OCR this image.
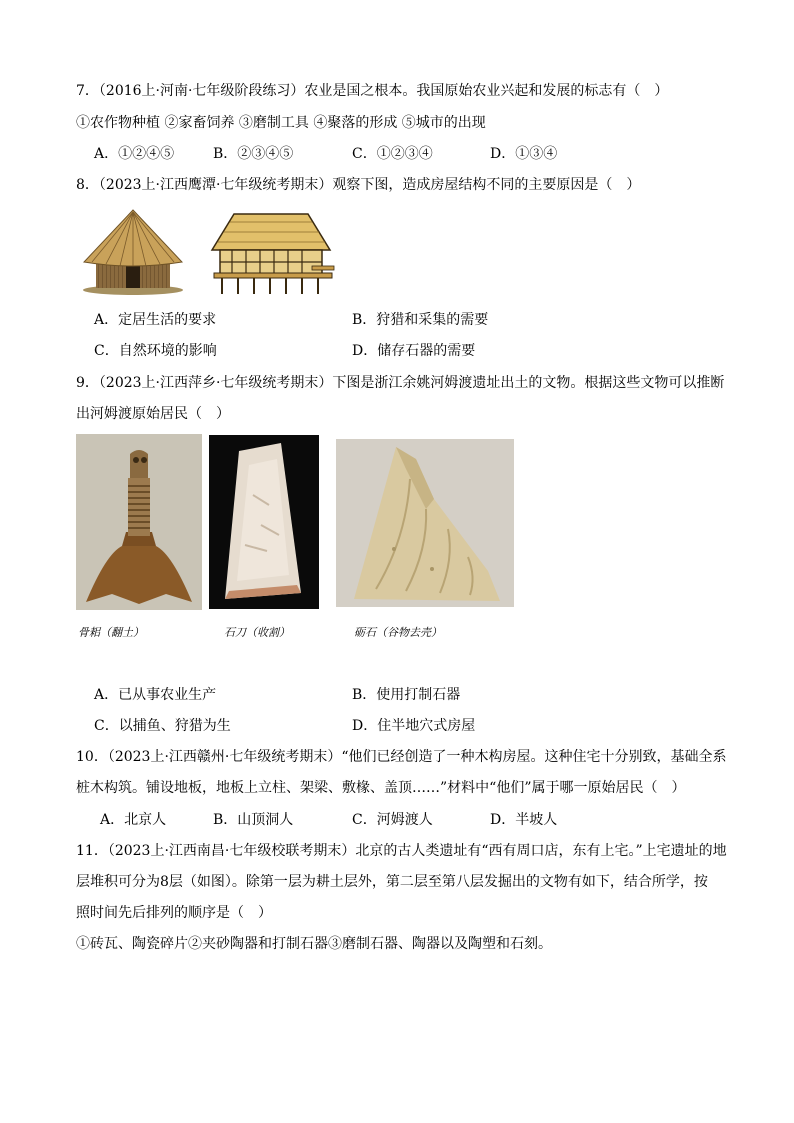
7．（2016上·河南·七年级阶段练习）农业是国之根本。我国原始农业兴起和发展的标志有（　）
①农作物种植 ②家畜饲养 ③磨制工具 ④聚落的形成 ⑤城市的出现
A．①②④⑤	B．②③④⑤	C．①②③④	D．①③④
8．（2023上·江西鹰潭·七年级统考期末）观察下图，造成房屋结构不同的主要原因是（　）
A．定居生活的要求	B．狩猎和采集的需要
C．自然环境的影响	D．储存石器的需要
9．（2023上·江西萍乡·七年级统考期末）下图是浙江余姚河姆渡遗址出土的文物。根据这些文物可以推断
出河姆渡原始居民（　）
骨耜（翻土）	石刀（收割）	砺石（谷物去壳）
A．已从事农业生产	B．使用打制石器
C．以捕鱼、狩猎为生	D．住半地穴式房屋
10．（2023上·江西赣州·七年级统考期末）“他们已经创造了一种木构房屋。这种住宅十分别致，基础全系
桩木构筑。铺设地板，地板上立柱、架梁、敷椽、盖顶……”材料中“他们”属于哪一原始居民（　）
A．北京人	B．山顶洞人	C．河姆渡人	D．半坡人
11．（2023上·江西南昌·七年级校联考期末）北京的古人类遗址有“西有周口店，东有上宅。”上宅遗址的地
层堆积可分为8层（如图）。除第一层为耕土层外，第二层至第八层发掘出的文物有如下，结合所学，按
照时间先后排列的顺序是（　）
①砖瓦、陶瓷碎片②夹砂陶器和打制石器③磨制石器、陶器以及陶塑和石刻。
